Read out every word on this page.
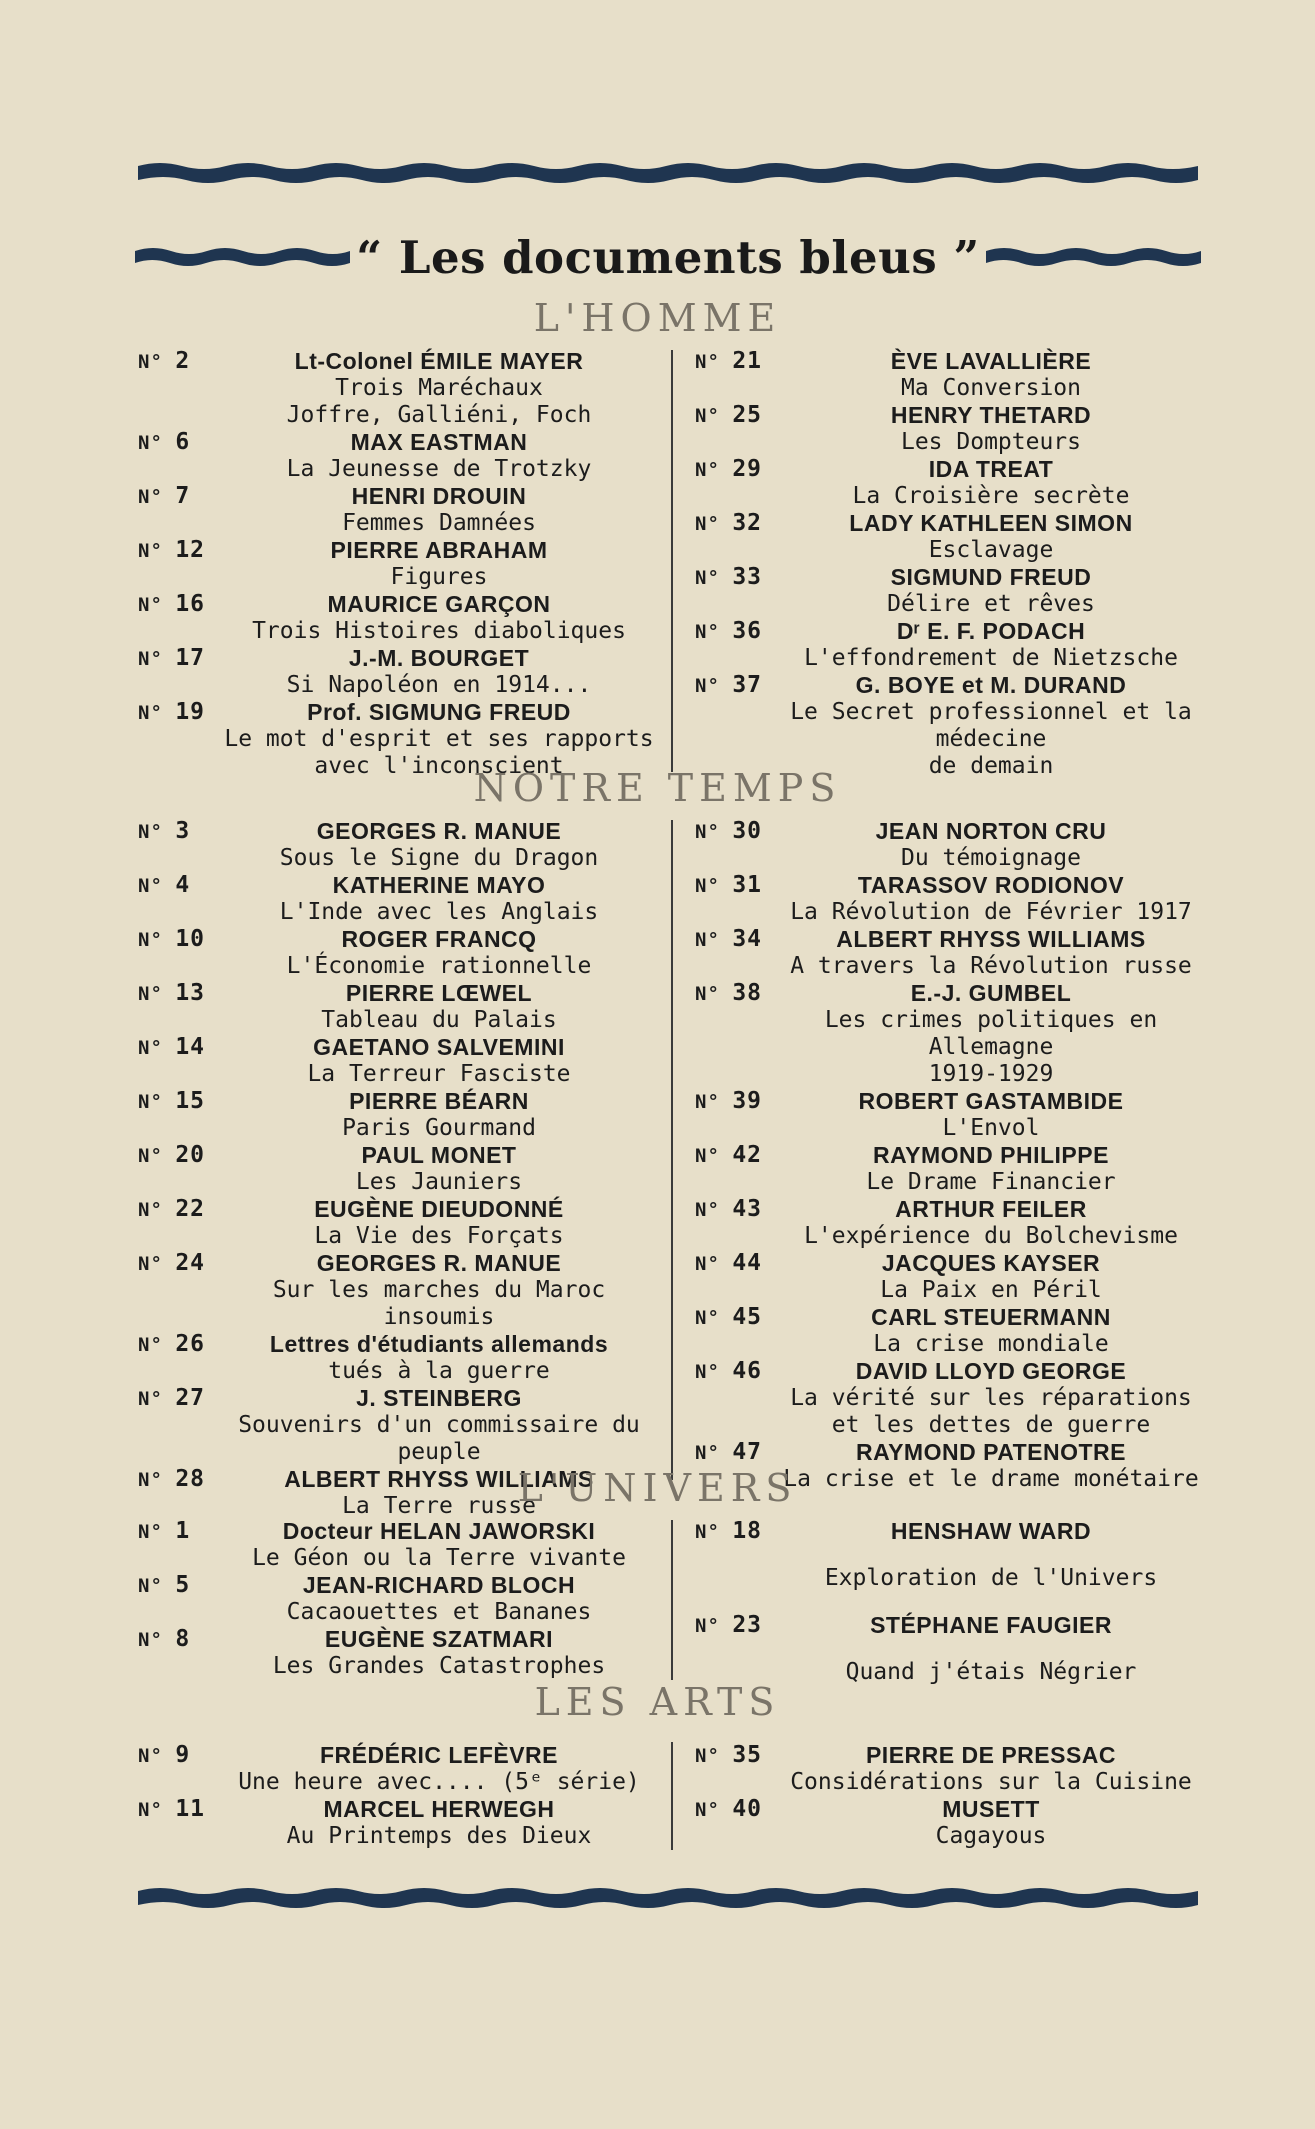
“ Les documents bleus ”
L'HOMME
N° 2	Lt-Colonel ÉMILE MAYER
Trois Maréchaux
Joffre, Galliéni, Foch
N° 6	MAX EASTMAN
La Jeunesse de Trotzky
N° 7	HENRI DROUIN
Femmes Damnées
N° 12	PIERRE ABRAHAM
Figures
N° 16	MAURICE GARÇON
Trois Histoires diaboliques
N° 17	J.-M. BOURGET
Si Napoléon en 1914...
N° 19	Prof. SIGMUNG FREUD
Le mot d'esprit et ses rapports
avec l'inconscient
N° 21	ÈVE LAVALLIÈRE
Ma Conversion
N° 25	HENRY THETARD
Les Dompteurs
N° 29	IDA TREAT
La Croisière secrète
N° 32	LADY KATHLEEN SIMON
Esclavage
N° 33	SIGMUND FREUD
Délire et rêves
N° 36	Dʳ E. F. PODACH
L'effondrement de Nietzsche
N° 37	G. BOYE et M. DURAND
Le Secret professionnel et la médecine
de demain
NOTRE TEMPS
N° 3	GEORGES R. MANUE
Sous le Signe du Dragon
N° 4	KATHERINE MAYO
L'Inde avec les Anglais
N° 10	ROGER FRANCQ
L'Économie rationnelle
N° 13	PIERRE LŒWEL
Tableau du Palais
N° 14	GAETANO SALVEMINI
La Terreur Fasciste
N° 15	PIERRE BÉARN
Paris Gourmand
N° 20	PAUL MONET
Les Jauniers
N° 22	EUGÈNE DIEUDONNÉ
La Vie des Forçats
N° 24	GEORGES R. MANUE
Sur les marches du Maroc insoumis
N° 26	Lettres d'étudiants allemands
tués à la guerre
N° 27	J. STEINBERG
Souvenirs d'un commissaire du peuple
N° 28	ALBERT RHYSS WILLIAMS
La Terre russe
N° 30	JEAN NORTON CRU
Du témoignage
N° 31	TARASSOV RODIONOV
La Révolution de Février 1917
N° 34	ALBERT RHYSS WILLIAMS
A travers la Révolution russe
N° 38	E.-J. GUMBEL
Les crimes politiques en Allemagne
1919-1929
N° 39	ROBERT GASTAMBIDE
L'Envol
N° 42	RAYMOND PHILIPPE
Le Drame Financier
N° 43	ARTHUR FEILER
L'expérience du Bolchevisme
N° 44	JACQUES KAYSER
La Paix en Péril
N° 45	CARL STEUERMANN
La crise mondiale
N° 46	DAVID LLOYD GEORGE
La vérité sur les réparations
et les dettes de guerre
N° 47	RAYMOND PATENOTRE
La crise et le drame monétaire
L'UNIVERS
N° 1	Docteur HELAN JAWORSKI
Le Géon ou la Terre vivante
N° 5	JEAN-RICHARD BLOCH
Cacaouettes et Bananes
N° 8	EUGÈNE SZATMARI
Les Grandes Catastrophes
N° 18	HENSHAW WARD
Exploration de l'Univers
N° 23	STÉPHANE FAUGIER
Quand j'étais Négrier
LES ARTS
N° 9	FRÉDÉRIC LEFÈVRE
Une heure avec.... (5ᵉ série)
N° 11	MARCEL HERWEGH
Au Printemps des Dieux
N° 35	PIERRE DE PRESSAC
Considérations sur la Cuisine
N° 40	MUSETT
Cagayous
